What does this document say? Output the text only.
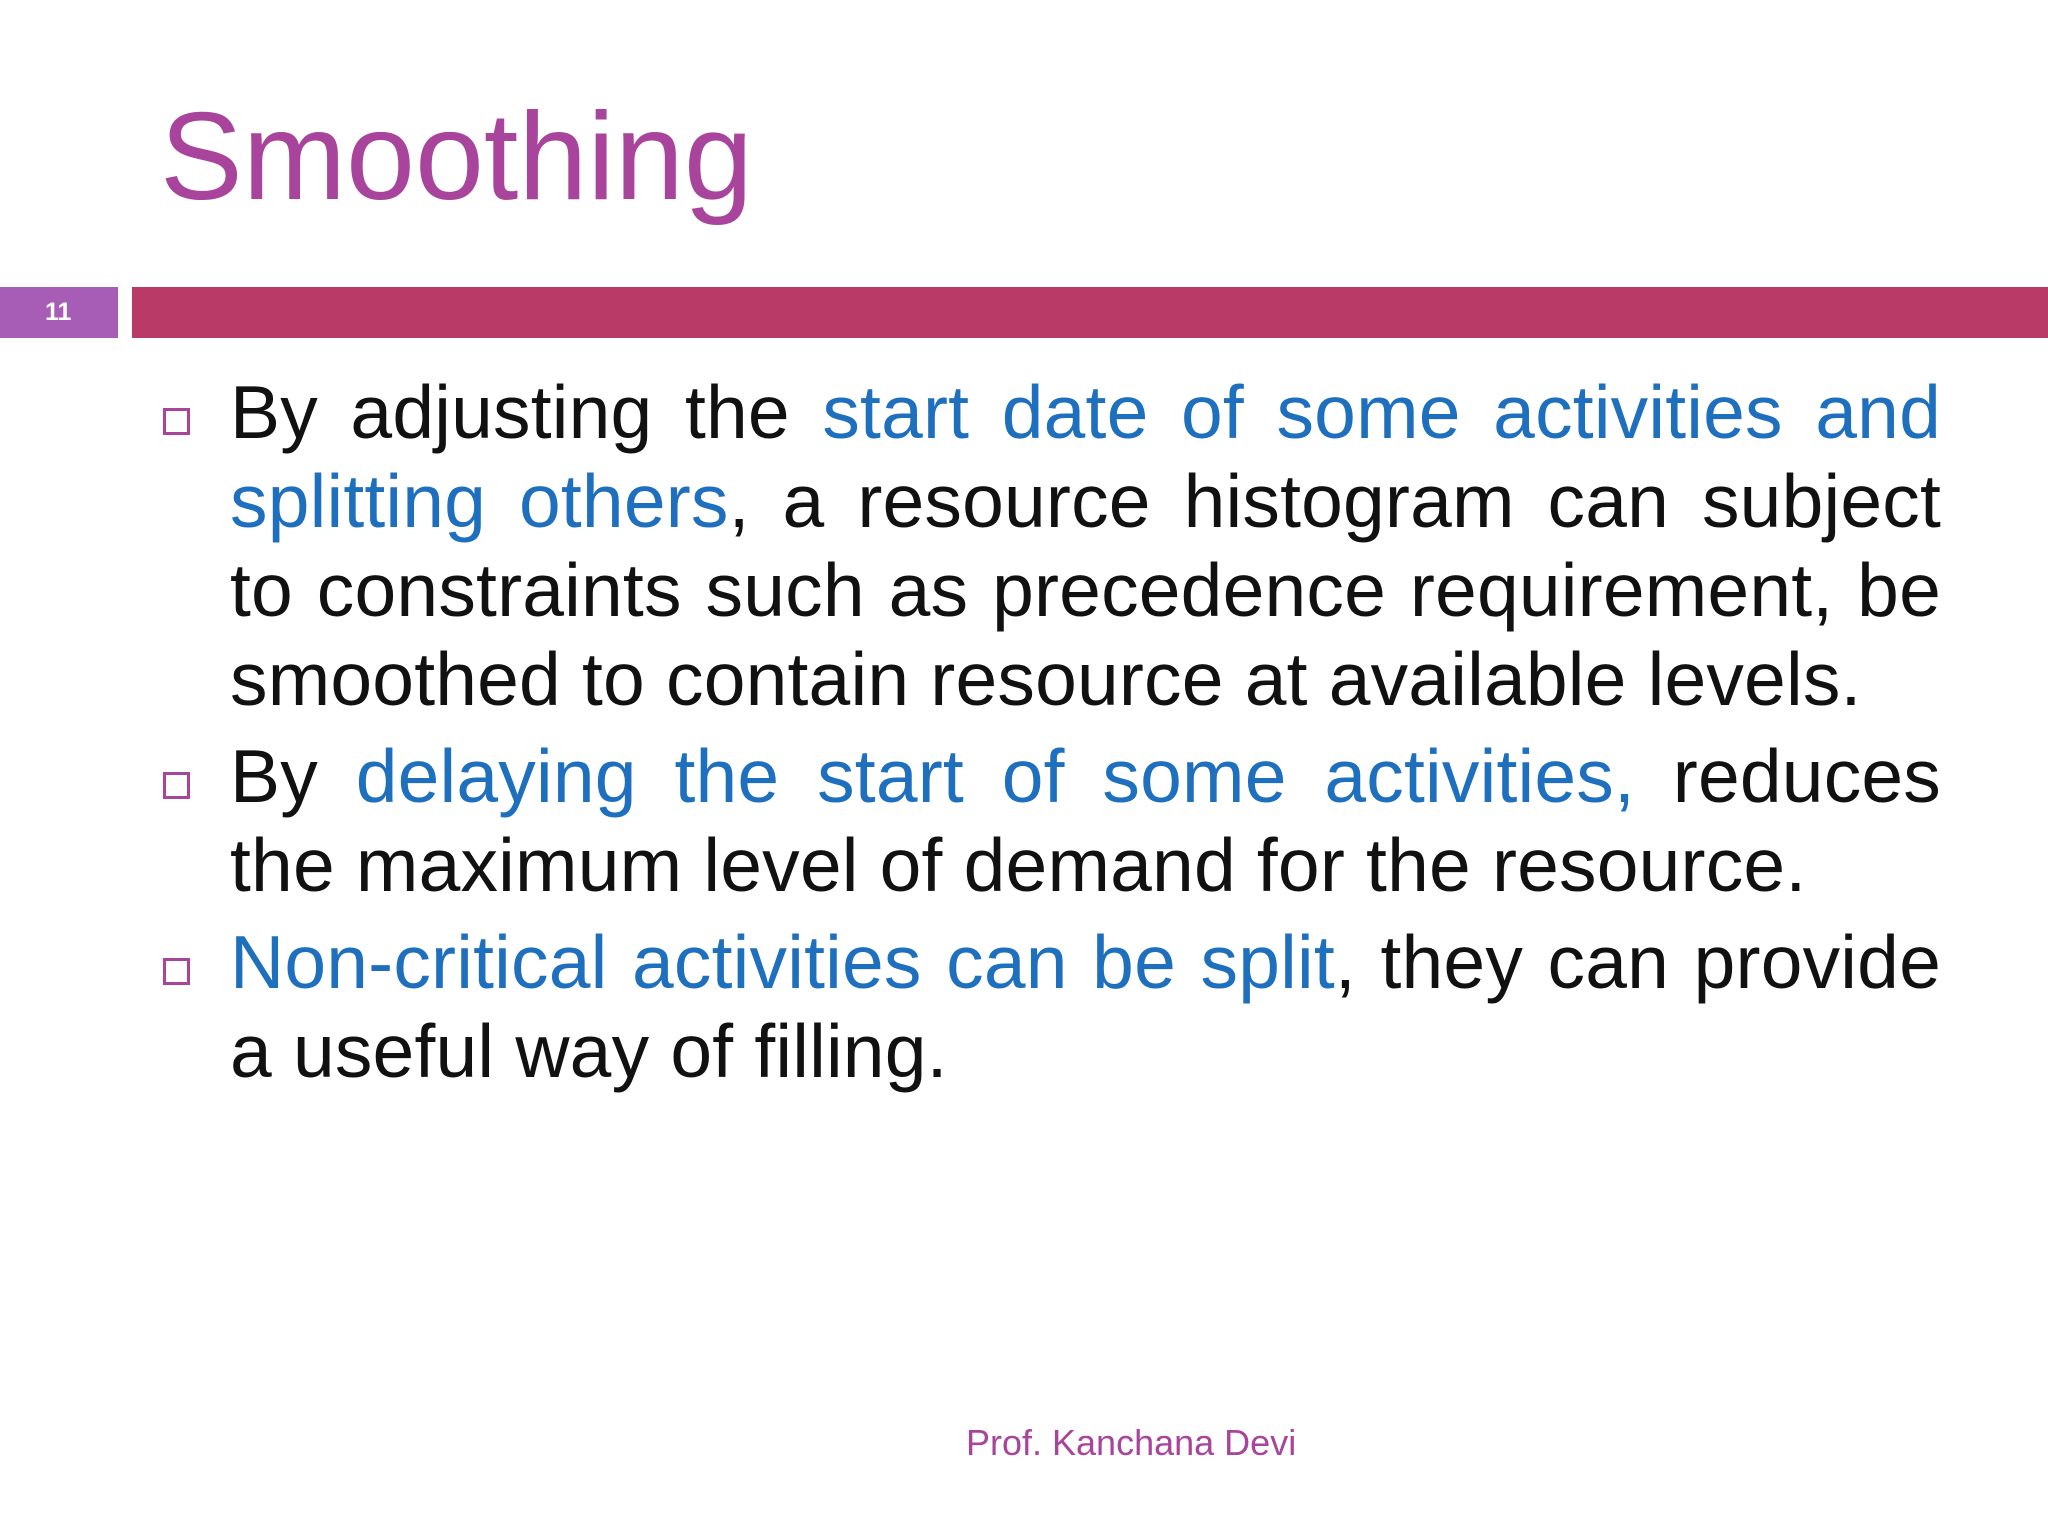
Smoothing
11

By adjusting the start date of some activities and splitting others, a resource histogram can subject to constraints such as precedence requirement, be smoothed to contain resource at available levels.

By delaying the start of some activities, reduces the maximum level of demand for the resource.

Non-critical activities can be split, they can provide a useful way of filling.

Prof. Kanchana Devi
